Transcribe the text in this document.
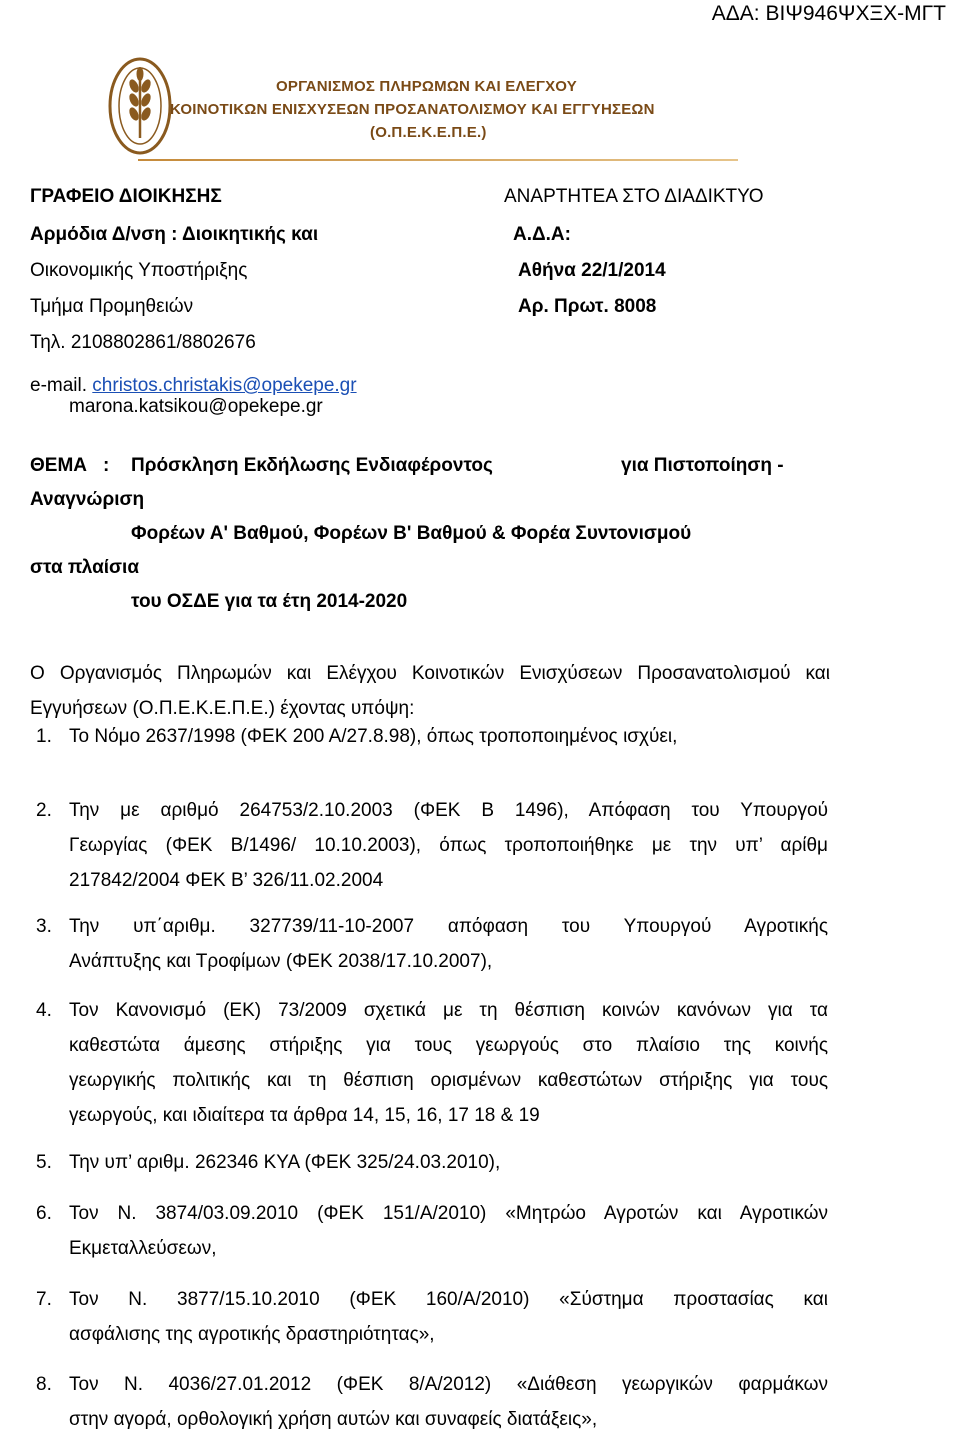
ΑΔΑ: ΒΙΨ946ΨΧΞΧ-ΜΓΤ
ΟΡΓΑΝΙΣΜΟΣ ΠΛΗΡΩΜΩΝ ΚΑΙ ΕΛΕΓΧΟΥ
ΚΟΙΝΟΤΙΚΩΝ ΕΝΙΣΧΥΣΕΩΝ ΠΡΟΣΑΝΑΤΟΛΙΣΜΟΥ ΚΑΙ ΕΓΓΥΗΣΕΩΝ
(Ο.Π.Ε.Κ.Ε.Π.Ε.)
ΓΡΑΦΕΙΟ ΔΙΟΙΚΗΣΗΣ
Αρμόδια Δ/νση : Διοικητικής και
Οικονομικής Υποστήριξης
Τμήμα Προμηθειών
Τηλ. 2108802861/8802676
e-mail. christos.christakis@opekepe.gr
marona.katsikou@opekepe.gr
ΑΝΑΡΤΗΤΕΑ ΣΤΟ ΔΙΑΔΙΚΤΥΟ
Α.Δ.Α:
Αθήνα 22/1/2014
Αρ. Πρωτ. 8008
ΘΕΜΑ : Πρόσκληση Εκδήλωσης Ενδιαφέροντος	για Πιστοποίηση -
Αναγνώριση
Φορέων Α' Βαθμού, Φορέων Β' Βαθμού & Φορέα Συντονισμού
στα πλαίσια
του ΟΣΔΕ για τα έτη 2014-2020
Ο Οργανισμός Πληρωμών και Ελέγχου Κοινοτικών Ενισχύσεων Προσανατολισμού και
Εγγυήσεων (Ο.Π.Ε.Κ.Ε.Π.Ε.) έχοντας υπόψη:
1. Το Νόμο 2637/1998 (ΦΕΚ 200 Α/27.8.98), όπως τροποποιημένος ισχύει,
2. Την με αριθμό 264753/2.10.2003 (ΦΕΚ Β 1496), Απόφαση του Υπουργού
Γεωργίας (ΦΕΚ Β/1496/ 10.10.2003), όπως τροποποιήθηκε με την υπ’ αρίθμ
217842/2004 ΦΕΚ Β’ 326/11.02.2004
3. Την υπ΄αριθμ. 327739/11-10-2007 απόφαση του Υπουργού Αγροτικής
Ανάπτυξης και Τροφίμων (ΦΕΚ 2038/17.10.2007),
4. Τον Κανονισμό (ΕΚ) 73/2009 σχετικά με τη θέσπιση κοινών κανόνων για τα
καθεστώτα άμεσης στήριξης για τους γεωργούς στο πλαίσιο της κοινής
γεωργικής πολιτικής και τη θέσπιση ορισμένων καθεστώτων στήριξης για τους
γεωργούς, και ιδιαίτερα τα άρθρα 14, 15, 16, 17 18 & 19
5. Την υπ’ αριθμ. 262346 ΚΥΑ (ΦΕΚ 325/24.03.2010),
6. Τον Ν. 3874/03.09.2010 (ΦΕΚ 151/Α/2010) «Μητρώο Αγροτών και Αγροτικών
Εκμεταλλεύσεων,
7. Τον Ν. 3877/15.10.2010 (ΦΕΚ 160/Α/2010) «Σύστημα προστασίας και
ασφάλισης της αγροτικής δραστηριότητας»,
8. Τον Ν. 4036/27.01.2012 (ΦΕΚ 8/Α/2012) «Διάθεση γεωργικών φαρμάκων
στην αγορά, ορθολογική χρήση αυτών και συναφείς διατάξεις»,
